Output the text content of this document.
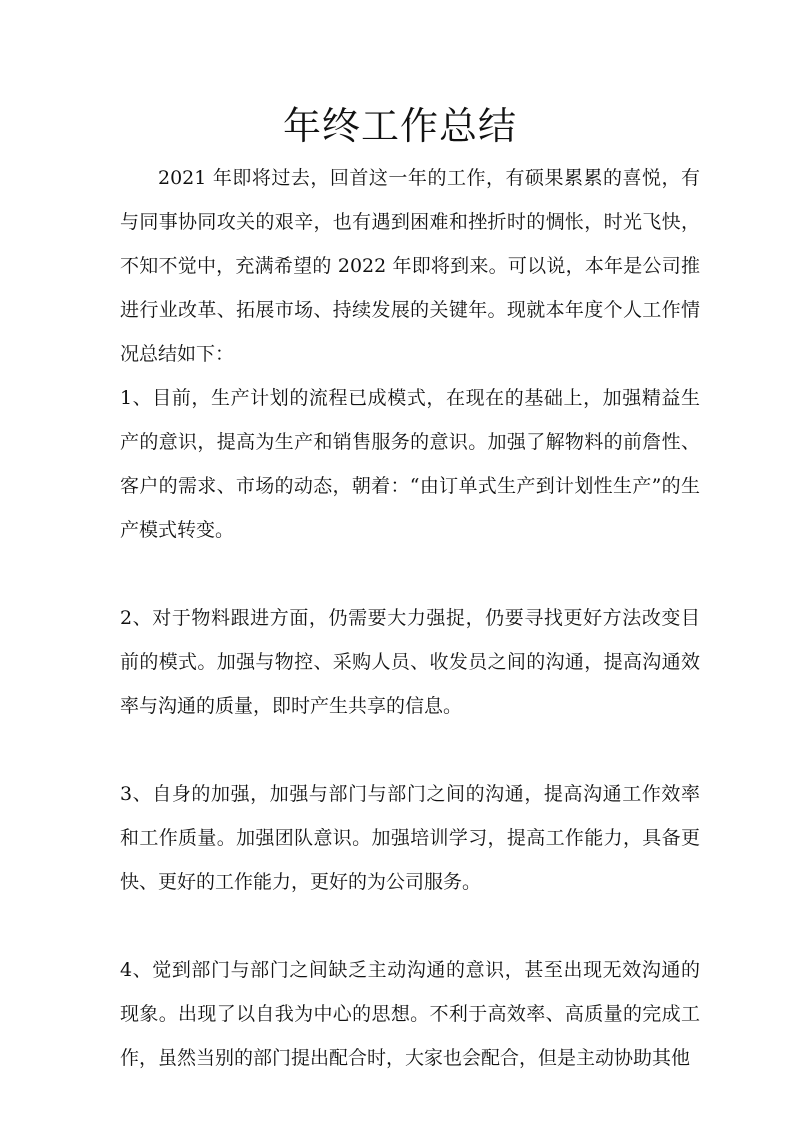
年终工作总结

2021 年即将过去，回首这一年的工作，有硕果累累的喜悦，有与同事协同攻关的艰辛，也有遇到困难和挫折时的惆怅，时光飞快，不知不觉中，充满希望的 2022 年即将到来。可以说，本年是公司推进行业改革、拓展市场、持续发展的关键年。现就本年度个人工作情况总结如下：

1、目前，生产计划的流程已成模式，在现在的基础上，加强精益生产的意识，提高为生产和销售服务的意识。加强了解物料的前詹性、客户的需求、市场的动态，朝着：“由订单式生产到计划性生产”的生产模式转变。

2、对于物料跟进方面，仍需要大力强捉，仍要寻找更好方法改变目前的模式。加强与物控、采购人员、收发员之间的沟通，提高沟通效率与沟通的质量，即时产生共享的信息。

3、自身的加强，加强与部门与部门之间的沟通，提高沟通工作效率和工作质量。加强团队意识。加强培训学习，提高工作能力，具备更快、更好的工作能力，更好的为公司服务。

4、觉到部门与部门之间缺乏主动沟通的意识，甚至出现无效沟通的现象。出现了以自我为中心的思想。不利于高效率、高质量的完成工作，虽然当别的部门提出配合时，大家也会配合，但是主动协助其他
